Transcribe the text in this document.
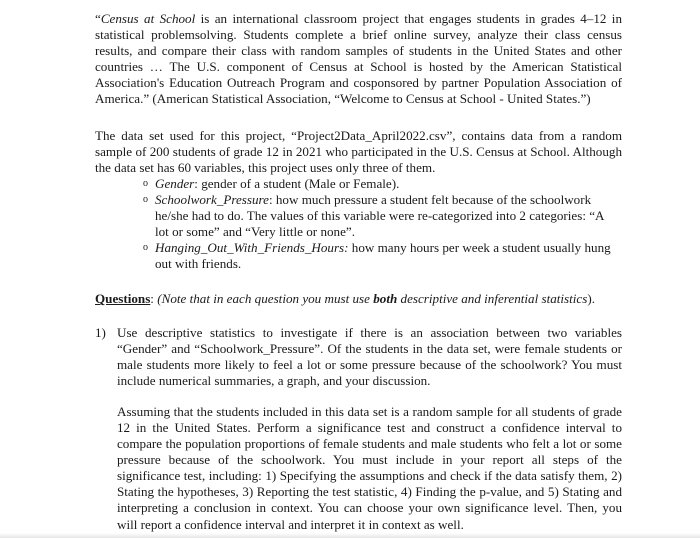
“Census at School is an international classroom project that engages students in grades 4–12 in statistical problemsolving. Students complete a brief online survey, analyze their class census results, and compare their class with random samples of students in the United States and other countries … The U.S. component of Census at School is hosted by the American Statistical Association's Education Outreach Program and cosponsored by partner Population Association of America.” (American Statistical Association, “Welcome to Census at School - United States.”)

The data set used for this project, “Project2Data_April2022.csv”, contains data from a random sample of 200 students of grade 12 in 2021 who participated in the U.S. Census at School. Although the data set has 60 variables, this project uses only three of them.

o Gender: gender of a student (Male or Female).
o Schoolwork_Pressure: how much pressure a student felt because of the schoolwork he/she had to do. The values of this variable were re-categorized into 2 categories: “A lot or some” and “Very little or none”.
o Hanging_Out_With_Friends_Hours: how many hours per week a student usually hung out with friends.

Questions: (Note that in each question you must use both descriptive and inferential statistics).

1) Use descriptive statistics to investigate if there is an association between two variables “Gender” and “Schoolwork_Pressure”. Of the students in the data set, were female students or male students more likely to feel a lot or some pressure because of the schoolwork? You must include numerical summaries, a graph, and your discussion.

Assuming that the students included in this data set is a random sample for all students of grade 12 in the United States. Perform a significance test and construct a confidence interval to compare the population proportions of female students and male students who felt a lot or some pressure because of the schoolwork. You must include in your report all steps of the significance test, including: 1) Specifying the assumptions and check if the data satisfy them, 2) Stating the hypotheses, 3) Reporting the test statistic, 4) Finding the p-value, and 5) Stating and interpreting a conclusion in context. You can choose your own significance level. Then, you will report a confidence interval and interpret it in context as well.
